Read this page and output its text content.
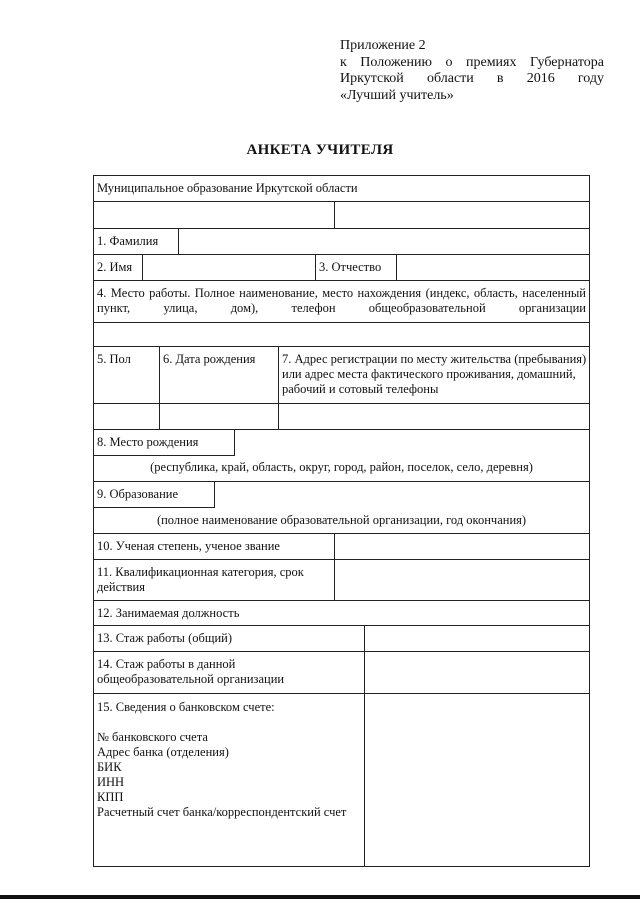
Приложение 2
к Положению о премиях Губернатора
Иркутской области в 2016 году
«Лучший учитель»
АНКЕТА УЧИТЕЛЯ
Муниципальное образование Иркутской области
1. Фамилия
2. Имя	3. Отчество
4. Место работы. Полное наименование, место нахождения (индекс, область, населенный пункт, улица, дом), телефон общеобразовательной организации
5. Пол	6. Дата рождения 7. Адрес регистрации по месту жительства (пребывания) или адрес места фактического проживания, домашний, рабочий и сотовый телефоны
8. Место рождения
(республика, край, область, округ, город, район, поселок, село, деревня)
9. Образование
(полное наименование образовательной организации, год окончания)
10. Ученая степень, ученое звание
11. Квалификационная категория, срок действия
12. Занимаемая должность
13. Стаж работы (общий)
14. Стаж работы в данной общеобразовательной организации
15. Сведения о банковском счете:
№ банковского счета
Адрес банка (отделения)
БИК
ИНН
КПП
Расчетный счет банка/корреспондентский счет
